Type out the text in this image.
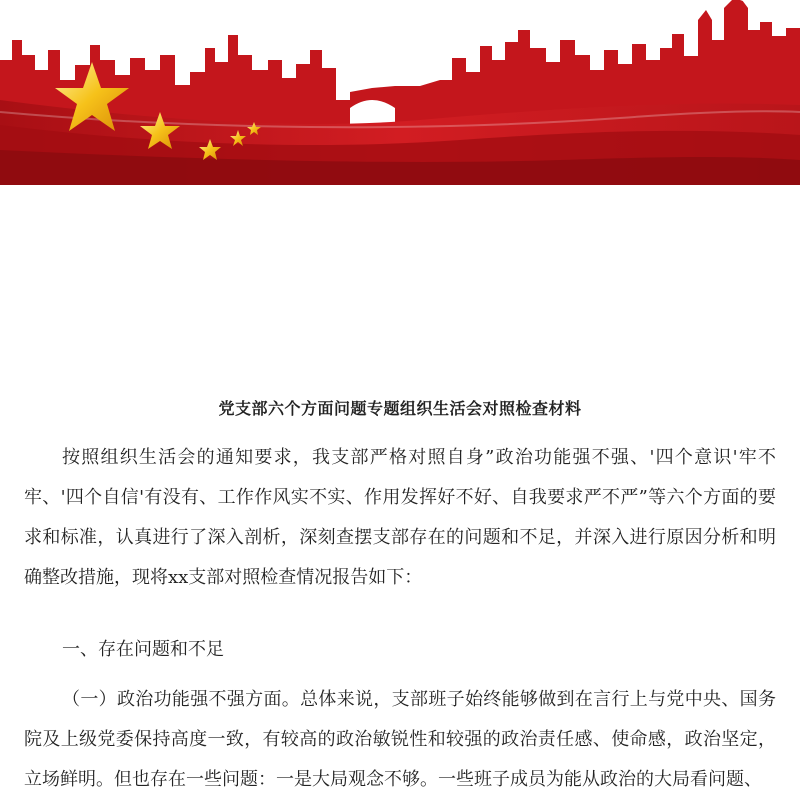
党支部六个方面问题专题组织生活会对照检查材料

按照组织生活会的通知要求，我支部严格对照自身”政治功能强不强、'四个意识'牢不牢、'四个自信'有没有、工作作风实不实、作用发挥好不好、自我要求严不严”等六个方面的要求和标准，认真进行了深入剖析，深刻查摆支部存在的问题和不足，并深入进行原因分析和明确整改措施，现将xx支部对照检查情况报告如下：

一、存在问题和不足

（一）政治功能强不强方面。总体来说，支部班子始终能够做到在言行上与党中央、国务院及上级党委保持高度一致，有较高的政治敏锐性和较强的政治责任感、使命感，政治坚定，立场鲜明。但也存在一些问题：一是大局观念不够。一些班子成员为能从政治的大局看问题、
